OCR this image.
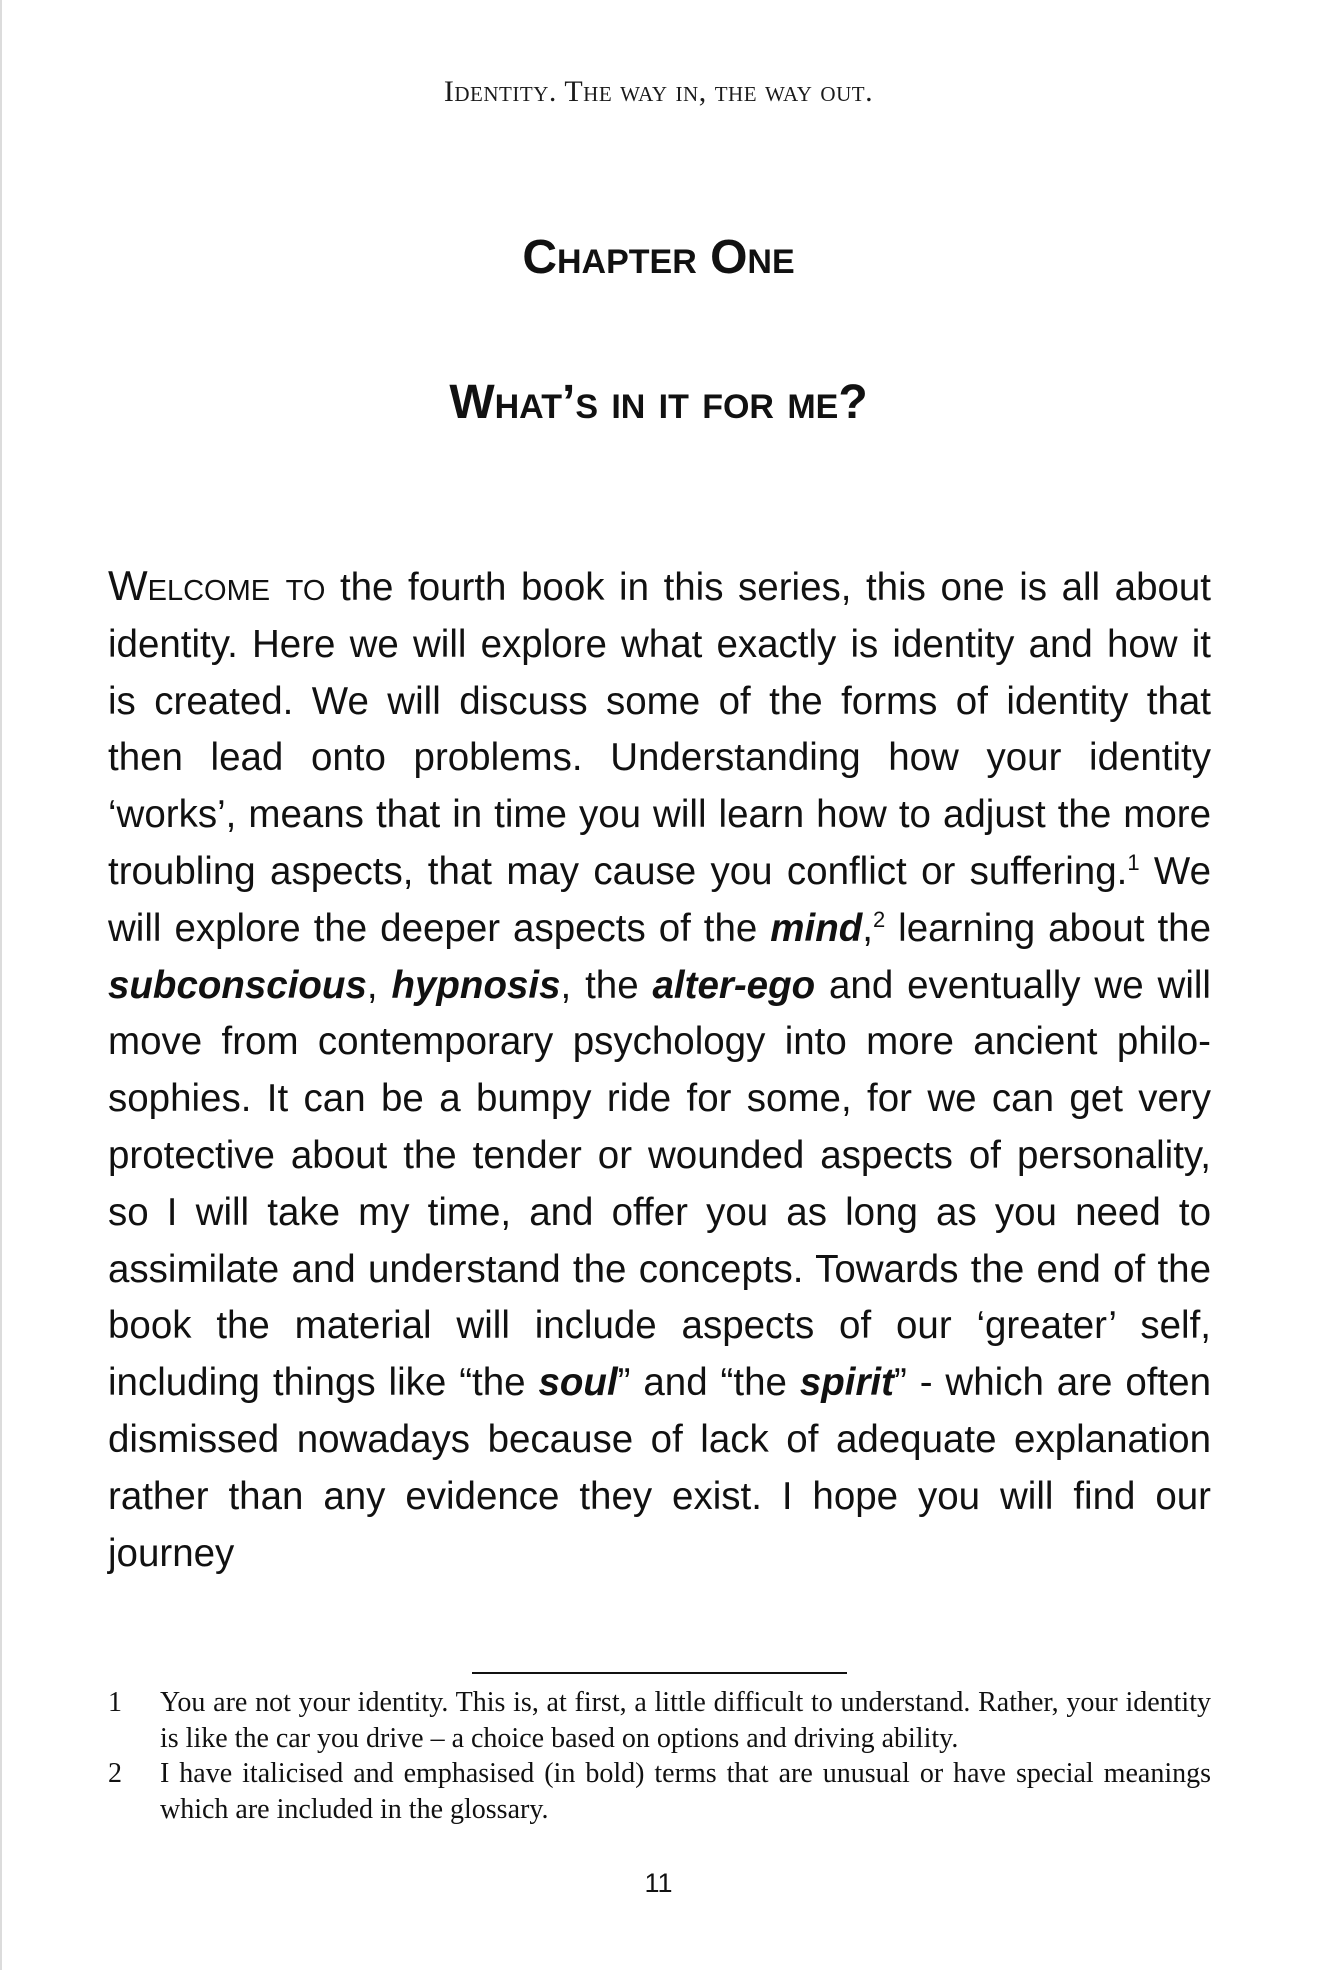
Identity. The way in, the way out.
Chapter One
What’s in it for me?

Welcome to the fourth book in this series, this one is all about identity. Here we will explore what exactly is identity and how it is created. We will discuss some of the forms of identity that then lead onto problems. Understanding how your identity ‘works’, means that in time you will learn how to adjust the more troubling aspects, that may cause you conflict or suffering.$^1$ We will explore the deeper aspects of the mind,$^2$ learning about the subconscious, hypnosis, the alter-ego and eventually we will move from contemporary psychology into more ancient philosophies. It can be a bumpy ride for some, for we can get very protective about the tender or wounded aspects of personality, so I will take my time, and offer you as long as you need to assimilate and understand the concepts. Towards the end of the book the material will include aspects of our ‘greater’ self, including things like “the soul” and “the spirit” - which are often dismissed nowadays because of lack of adequate explanation rather than any evidence they exist. I hope you will find our journey

1	You are not your identity. This is, at first, a little difficult to understand. Rather, your identity is like the car you drive – a choice based on options and driving ability.
2	I have italicised and emphasised (in bold) terms that are unusual or have special meanings which are included in the glossary.
11
